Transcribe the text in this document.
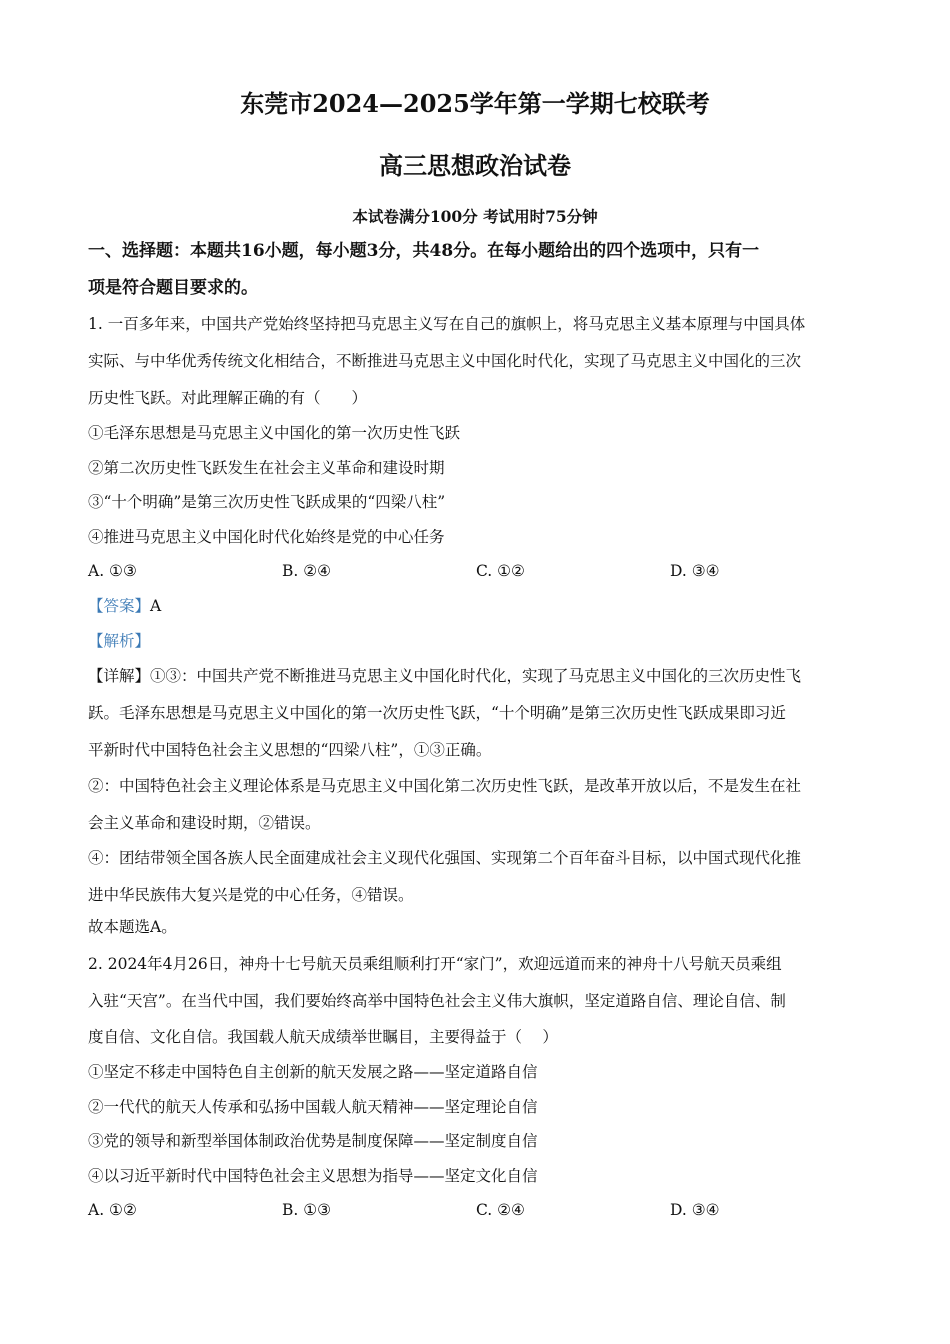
东莞市2024—2025学年第一学期七校联考
高三思想政治试卷
本试卷满分100分 考试用时75分钟
一、选择题：本题共16小题，每小题3分，共48分。在每小题给出的四个选项中，只有一
项是符合题目要求的。
1. 一百多年来，中国共产党始终坚持把马克思主义写在自己的旗帜上，将马克思主义基本原理与中国具体
实际、与中华优秀传统文化相结合，不断推进马克思主义中国化时代化，实现了马克思主义中国化的三次
历史性飞跃。对此理解正确的有（　　）
①毛泽东思想是马克思主义中国化的第一次历史性飞跃
②第二次历史性飞跃发生在社会主义革命和建设时期
③“十个明确”是第三次历史性飞跃成果的“四梁八柱”
④推进马克思主义中国化时代化始终是党的中心任务
A. ①③	B. ②④	C. ①②	D. ③④
【答案】A
【解析】
【详解】①③：中国共产党不断推进马克思主义中国化时代化，实现了马克思主义中国化的三次历史性飞
跃。毛泽东思想是马克思主义中国化的第一次历史性飞跃，“十个明确”是第三次历史性飞跃成果即习近
平新时代中国特色社会主义思想的“四梁八柱”，①③正确。
②：中国特色社会主义理论体系是马克思主义中国化第二次历史性飞跃，是改革开放以后，不是发生在社
会主义革命和建设时期，②错误。
④：团结带领全国各族人民全面建成社会主义现代化强国、实现第二个百年奋斗目标，以中国式现代化推
进中华民族伟大复兴是党的中心任务，④错误。
故本题选A。
2. 2024年4月26日，神舟十七号航天员乘组顺利打开“家门”，欢迎远道而来的神舟十八号航天员乘组
入驻“天宫”。在当代中国，我们要始终高举中国特色社会主义伟大旗帜，坚定道路自信、理论自信、制
度自信、文化自信。我国载人航天成绩举世瞩目，主要得益于（　 ）
①坚定不移走中国特色自主创新的航天发展之路——坚定道路自信
②一代代的航天人传承和弘扬中国载人航天精神——坚定理论自信
③党的领导和新型举国体制政治优势是制度保障——坚定制度自信
④以习近平新时代中国特色社会主义思想为指导——坚定文化自信
A. ①②	B. ①③	C. ②④	D. ③④
